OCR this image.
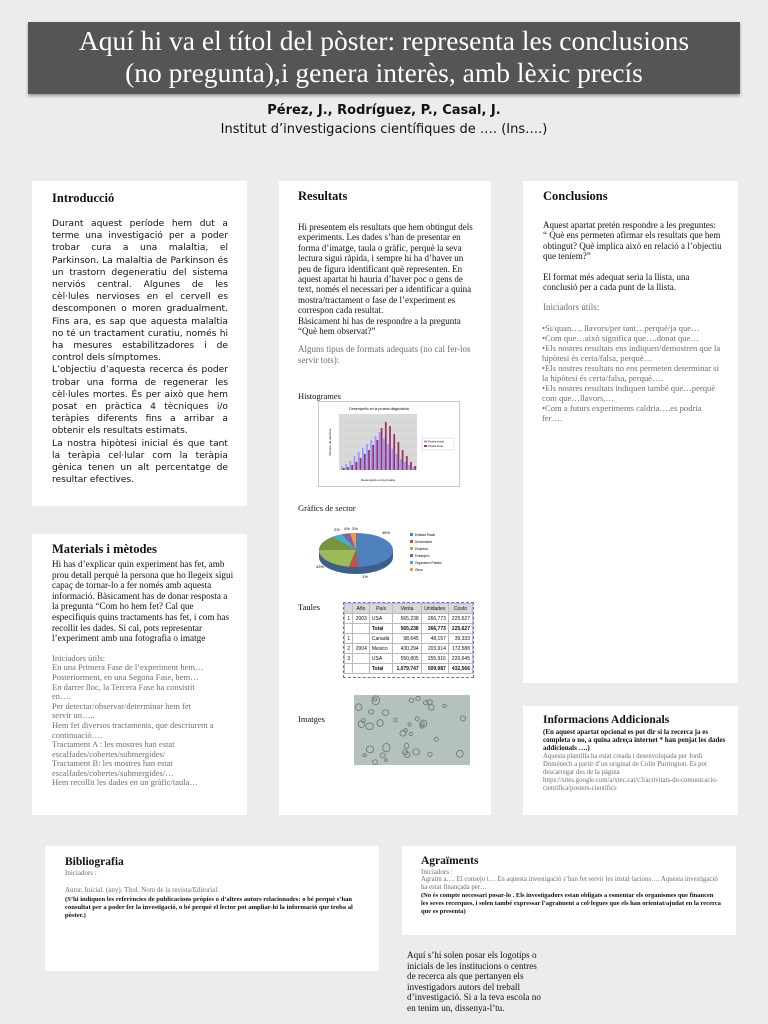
Aquí hi va el títol del pòster: representa les conclusions
(no pregunta),i genera interès, amb lèxic precís
Pérez, J., Rodríguez, P., Casal, J.
Institut d’investigacions científiques de …. (Ins….)

Introducció

Durant aquest període hem dut a terme una investigació per a poder trobar cura a una malaltia, el Parkinson. La malaltia de Parkinson és un trastorn degeneratiu del sistema nerviós central. Algunes de les cèl·lules nervioses en el cervell es descomponen o moren gradualment. Fins ara, es sap que aquesta malaltia no té un tractament curatiu, només hi ha mesures estabilitzadores i de control dels símptomes.
L’objectiu d’aquesta recerca és poder trobar una forma de regenerar les cèl·lules mortes. És per això que hem posat en pràctica 4 tècniques i/o teràpies diferents fins a arribar a obtenir els resultats estimats.
La nostra hipòtesi inicial és que tant la teràpia cel·lular com la teràpia gènica tenen un alt percentatge de resultar efectives.

Materials i mètodes

Hi has d’explicar quin experiment has fet, amb prou detall perquè la persona que ho llegeix sigui capaç de tornar-lo a fer només amb aquesta informació. Bàsicament has de donar resposta a la pregunta “Com ho hem fet? Cal que especifiquis quins tractaments has fet, i com has recollit les dades. Si cal, pots representar l’experiment amb una fotografia o imatge
Iniciadors útils:
En una Primera Fase de l’experiment hem…
Posteriorment, en una Segona Fase, hem…
En darrer lloc, la Tercera Fase ha consistit
en….
Per detectar/observar/determinar hem fet
servir un…..
Hem fet diversos tractaments, que descriurem a
continuació….
Tractament A : les mostres han estat
escalfades/cobertes/submergides/
Tractament B: les mostres han estat
escalfades/cobertes/submergides/…
Hem recollit les dades en un gràfic/taula…

Resultats

Hi presentem els resultats que hem obtingut dels experiments. Les dades s’han de presentar en forma d’imatge, taula o gràfic, perquè la seva lectura sigui ràpida, i sempre hi ha d’haver un peu de figura identificant què representen. En aquest apartat hi hauria d’haver poc o gens de text, només el necessari per a identificar a quina mostra/tractament o fase de l’experiment es correspon cada resultat.
Bàsicament hi has de respondre a la pregunta “Què hem observat?”
Alguns tipus de formats adequats (no cal fer-los servir tots):
Histogrames
Gràfics de sector
Taules
Imatges
Desempeño en la prueba diagnóstica
Desempeño en la prueba
Número de alumnos	Prueba Inicial
Prueba Final
46%
43%
2% 4% 3%
1%
Entidad Fiscal
Universidad
Empresa
Extranjero
Organismo Público
Otros
	Año	País	Venta	Unidades	Costo
1	2003	USA	565,238	266,773	225,627
		Total	565,238	266,773	225,627
1		Canadá	98,645	48,157	39,333
2	2004	Mexico	430,294	203,914	172,588
3		USA	550,805	255,916	220,645
		Total	1,079,747	509,987	432,566

Conclusions

Aquest apartat pretén respondre a les preguntes: “ Què ens permeten afirmar els resultats que hem obtingut? Què implica això en relació a l’objectiu que teníem?”
El format més adequat seria la llista, una conclusió per a cada punt de la llista.
Iniciadors útils:
•Si/quan…, llavors/per tant…perquè/ja que…
•Com que…això significa que….donat que…
•Els nostres resultats ens indiquen/demostren que la hipòtesi és certa/falsa, perquè…
•Els nostres resultats no ens permeten determinar si la hipòtesi és certa/falsa, perquè….
•Els nostres resultats indiquen també que…perquè com que…llavors,…
•Com a futurs experiments caldria….es podria fer….

Informacions Addicionals

(En aquest apartat opcional es pot dir si la recerca ja es completa o no, a quina adreça internet * han penjat les dades addicionals ….)
Aquesta plantilla ha estat creada i desenvolupada per Jordi Domènech a partir d’un original de Colin Purrington. Es pot descarregar des de la pàgina https://sites.google.com/a/xtec.cat/c3/activitats-de-comunicacio-cientifica/posters-cientifics

Bibliografia

Iniciadors :
Autor, Inicial. (any). Títol. Nom de la revista/Editorial.
(S’hi indiquen les referències de publicacions pròpies o d’altres autors relacionades: o bé perquè s’han consultat per a poder fer la investigació, o bé perquè el lector pot ampliar-hi la informació que troba al pòster.)

Agraïments

Iniciadors :
Agraïm a…. El consejo t… En aquesta investigació s’han fet servir les instal·lacions…. Aquesta investigació ha estat finançada per…
(No és compte necessari posar-lo . Els investigadors estan obligats a esmentar els organismes que financen les seves recerques, i solen també expressar l’agraïment a col·legues que els han orientat/ajudat en la recerca que es presenta)
Aquí s’hi solen posar els logotips o inicials de les institucions o centres de recerca als que pertanyen els investigadors autors del treball d’investigació. Si a la teva escola no en tenim un, dissenya-l’tu.
